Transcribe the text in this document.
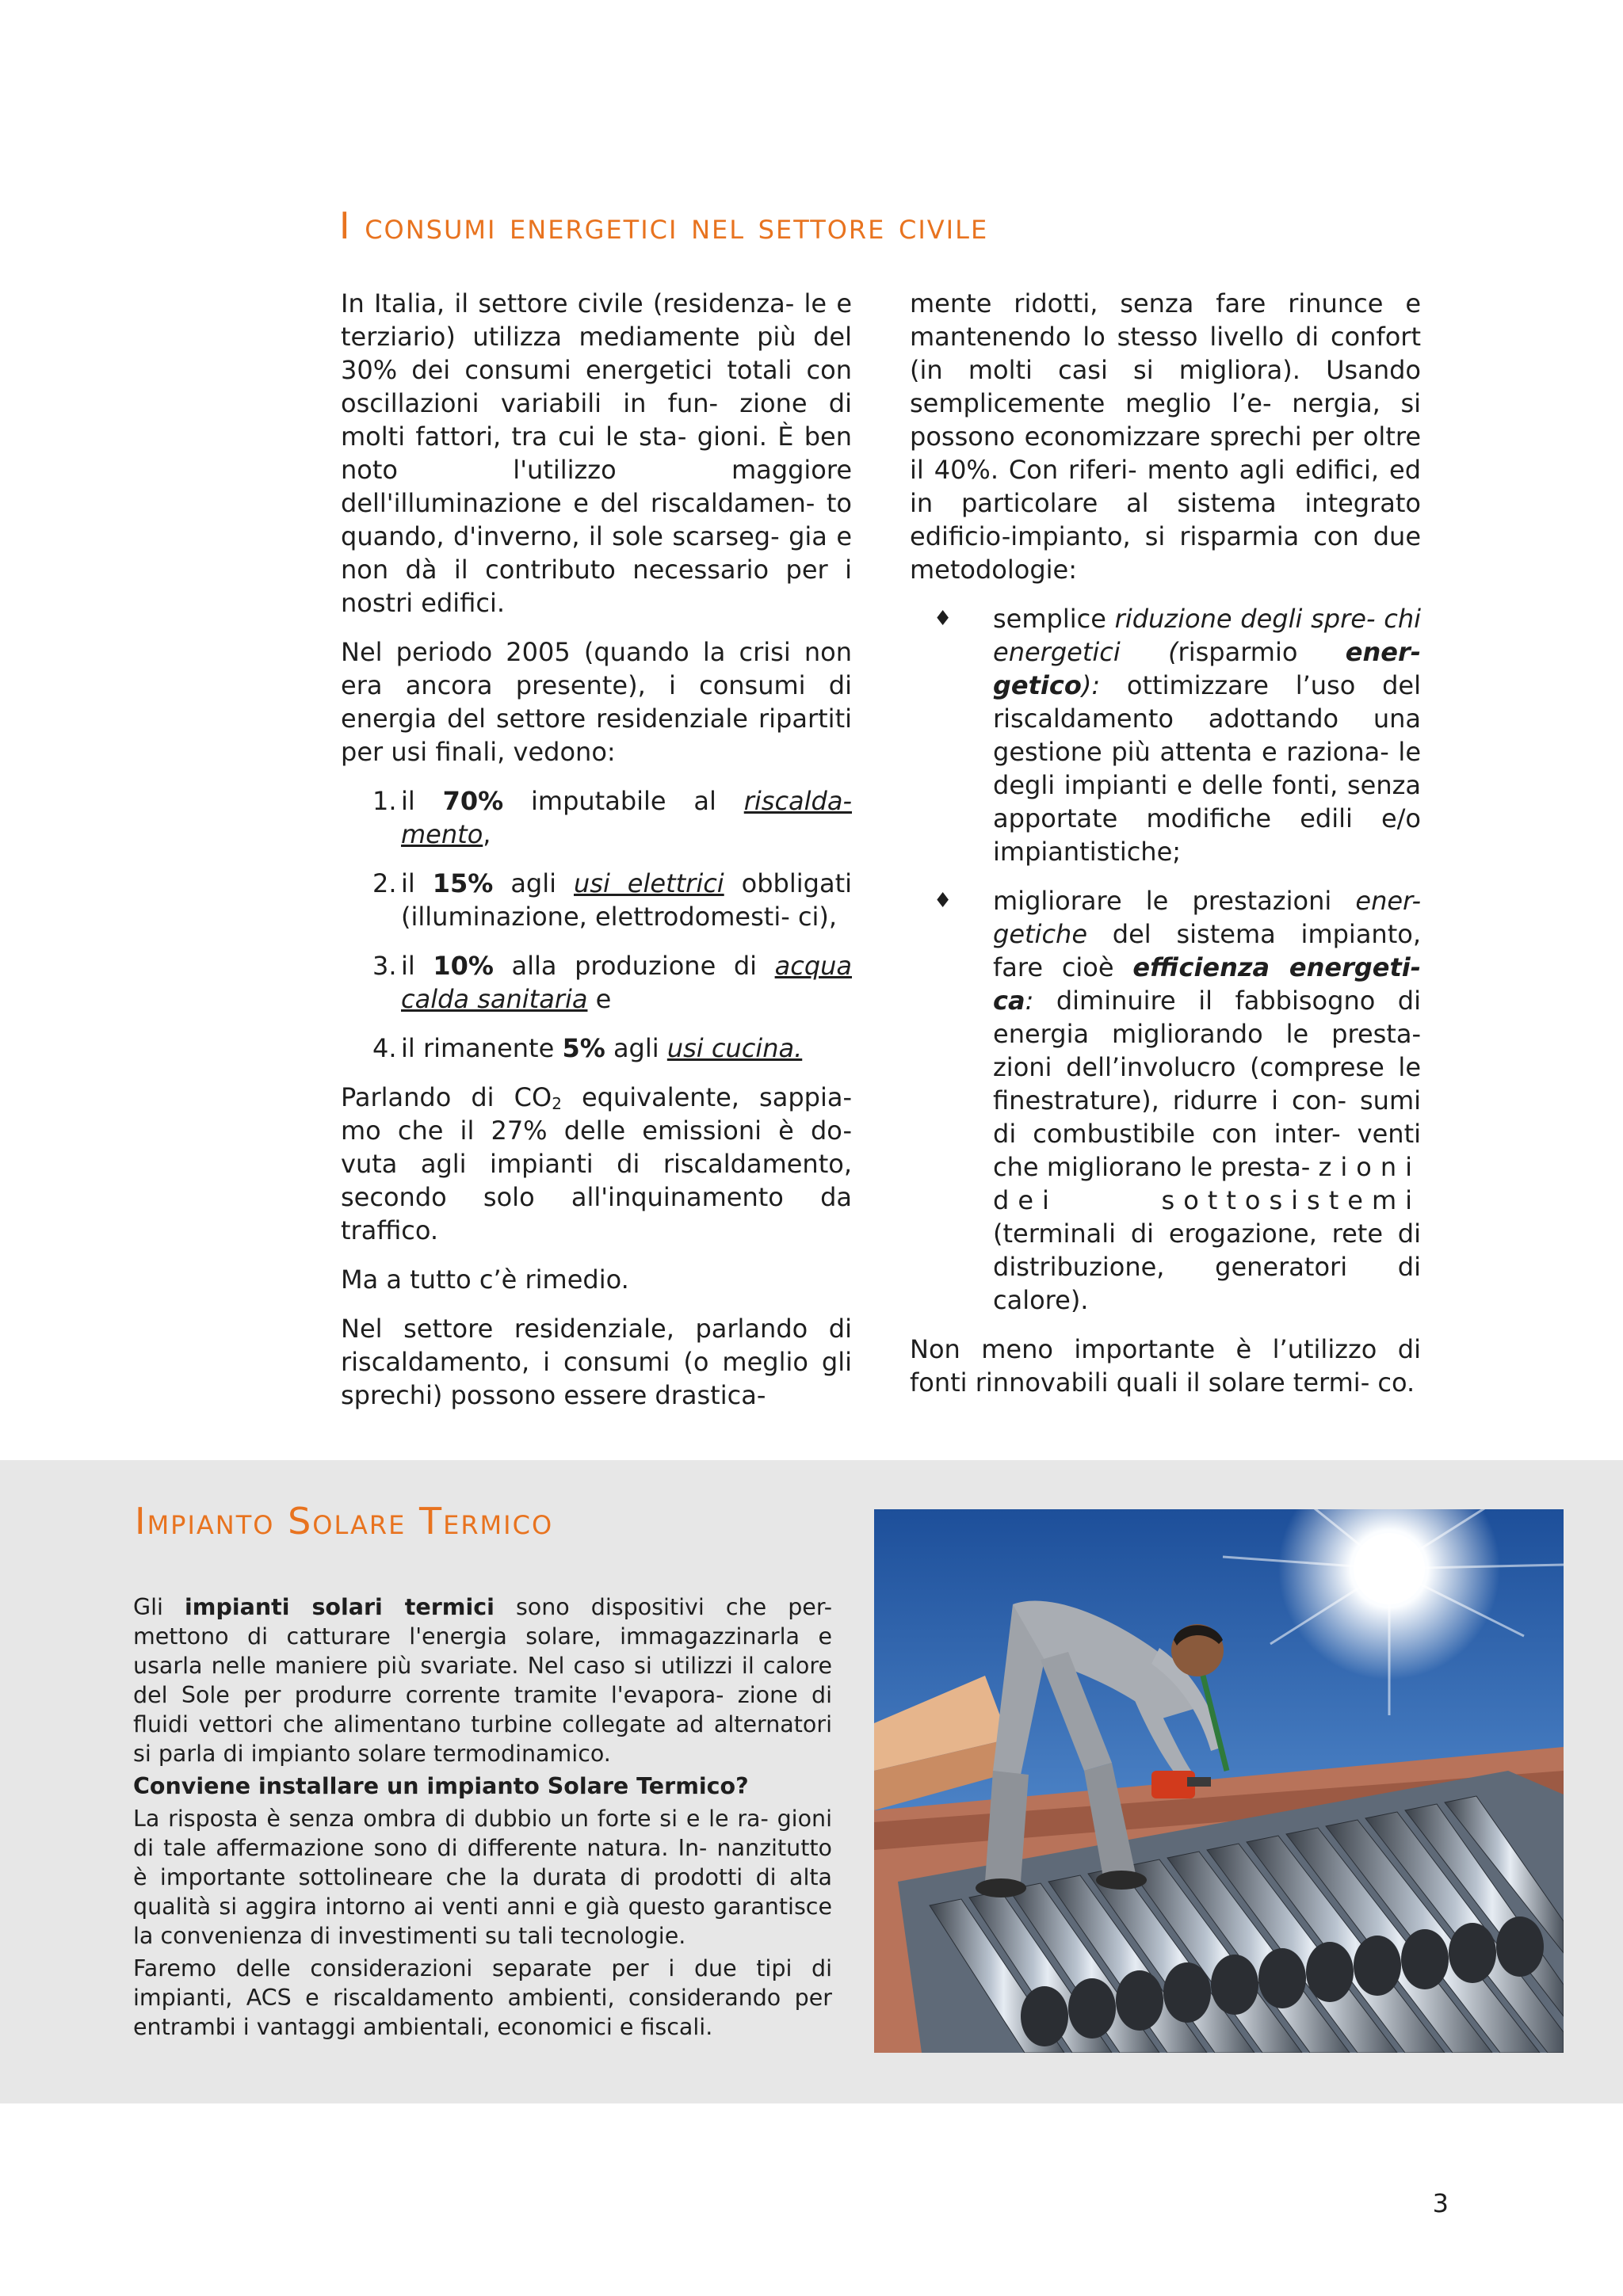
I consumi energetici nel settore civile

In Italia, il settore civile (residenza- le e terziario) utilizza mediamente più del 30% dei consumi energetici totali con oscillazioni variabili in fun- zione di molti fattori, tra cui le sta- gioni. È ben noto l'utilizzo maggiore dell'illuminazione e del riscaldamen- to quando, d'inverno, il sole scarseg- gia e non dà il contributo necessario per i nostri edifici.

Nel periodo 2005 (quando la crisi non era ancora presente), i consumi di energia del settore residenziale ripartiti per usi finali, vedono:

1. il 70% imputabile al riscalda- mento,
2. il 15% agli usi elettrici obbligati (illuminazione, elettrodomesti- ci),
3. il 10% alla produzione di acqua calda sanitaria e
4. il rimanente 5% agli usi cucina.

Parlando di $CO_2$ equivalente, sappia- mo che il 27% delle emissioni è do- vuta agli impianti di riscaldamento, secondo solo all'inquinamento da traffico.

Ma a tutto c’è rimedio.

Nel settore residenziale, parlando di riscaldamento, i consumi (o meglio gli sprechi) possono essere drastica-

mente ridotti, senza fare rinunce e mantenendo lo stesso livello di confort (in molti casi si migliora). Usando semplicemente meglio l’e- nergia, si possono economizzare sprechi per oltre il 40%. Con riferi- mento agli edifici, ed in particolare al sistema integrato edificio-impianto, si risparmia con due metodologie:

♦ semplice riduzione degli spre- chi energetici (risparmio ener- getico): ottimizzare l’uso del riscaldamento adottando una gestione più attenta e raziona- le degli impianti e delle fonti, senza apportate modifiche edili e/o impiantistiche;
♦ migliorare le prestazioni ener- getiche del sistema impianto, fare cioè efficienza energeti- ca: diminuire il fabbisogno di energia migliorando le presta- zioni dell’involucro (comprese le finestrature), ridurre i con- sumi di combustibile con inter- venti che migliorano le presta- zioni dei sottosistemi (terminali di erogazione, rete di distribuzione, generatori di calore).

Non meno importante è l’utilizzo di fonti rinnovabili quali il solare termi- co.

Impianto Solare Termico

Gli impianti solari termici sono dispositivi che per- mettono di catturare l'energia solare, immagazzinarla e usarla nelle maniere più svariate. Nel caso si utilizzi il calore del Sole per produrre corrente tramite l'evapora- zione di fluidi vettori che alimentano turbine collegate ad alternatori si parla di impianto solare termodinamico.

Conviene installare un impianto Solare Termico?

La risposta è senza ombra di dubbio un forte si e le ra- gioni di tale affermazione sono di differente natura. In- nanzitutto è importante sottolineare che la durata di prodotti di alta qualità si aggira intorno ai venti anni e già questo garantisce la convenienza di investimenti su tali tecnologie.

Faremo delle considerazioni separate per i due tipi di impianti, ACS e riscaldamento ambienti, considerando per entrambi i vantaggi ambientali, economici e fiscali.

3
